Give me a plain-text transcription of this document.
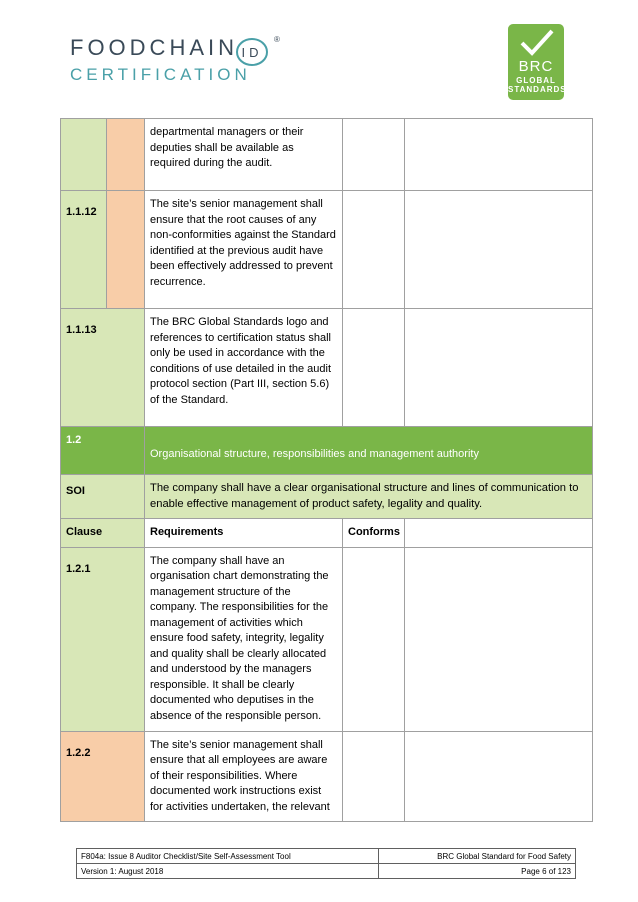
FOODCHAIN ID
®
CERTIFICATION	BRC
GLOBAL
STANDARDS
		departmental managers or their deputies shall be available as required during the audit.		
1.1.12		The site’s senior management shall ensure that the root causes of any non-conformities against the Standard identified at the previous audit have been effectively addressed to prevent recurrence.		
1.1.13		The BRC Global Standards logo and references to certification status shall only be used in accordance with the conditions of use detailed in the audit protocol section (Part III, section 5.6) of the Standard.		
1.2		Organisational structure, responsibilities and management authority		
SOI		The company shall have a clear organisational structure and lines of communication to enable effective management of product safety, legality and quality.		
Clause		Requirements	Conforms	
1.2.1		The company shall have an organisation chart demonstrating the management structure of the company. The responsibilities for the management of activities which ensure food safety, integrity, legality and quality shall be clearly allocated and understood by the managers responsible. It shall be clearly documented who deputises in the absence of the responsible person.		
1.2.2		The site’s senior management shall ensure that all employees are aware of their responsibilities. Where documented work instructions exist for activities undertaken, the relevant		
F804a: Issue 8 Auditor Checklist/Site Self-Assessment Tool	BRC Global Standard for Food Safety
Version 1: August 2018	Page 6 of 123
